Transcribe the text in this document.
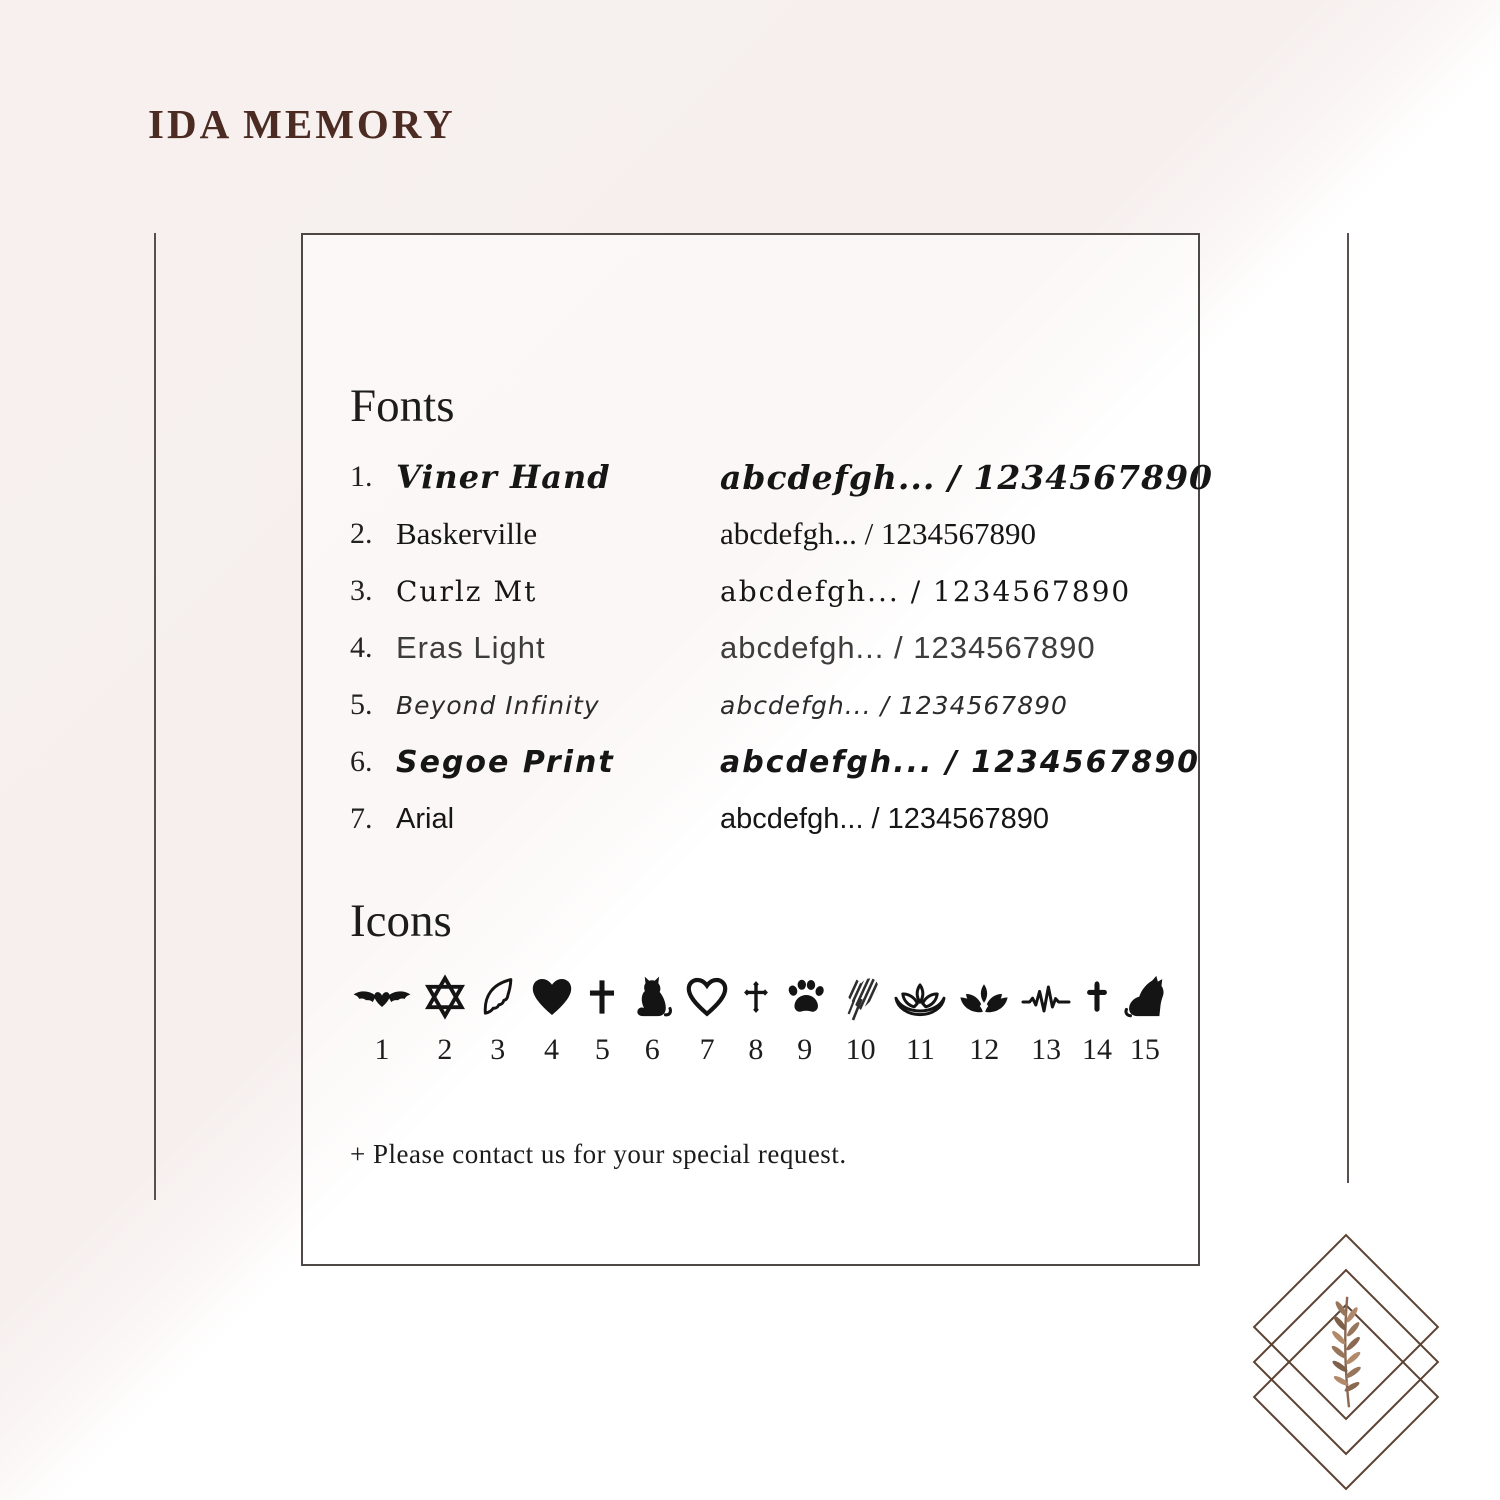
IDA MEMORY
Fonts
1. Viner Hand	abcdefgh... / 1234567890
2. Baskerville	abcdefgh... / 1234567890
3. Curlz Mt	abcdefgh... / 1234567890
4. Eras Light	abcdefgh... / 1234567890
5. Beyond Infinity	abcdefgh... / 1234567890
6. Segoe Print	abcdefgh... / 1234567890
7. Arial	abcdefgh... / 1234567890
Icons
1 2 3 4 5 6 7 8 9 10 11 12 13 14 15
+ Please contact us for your special request.
